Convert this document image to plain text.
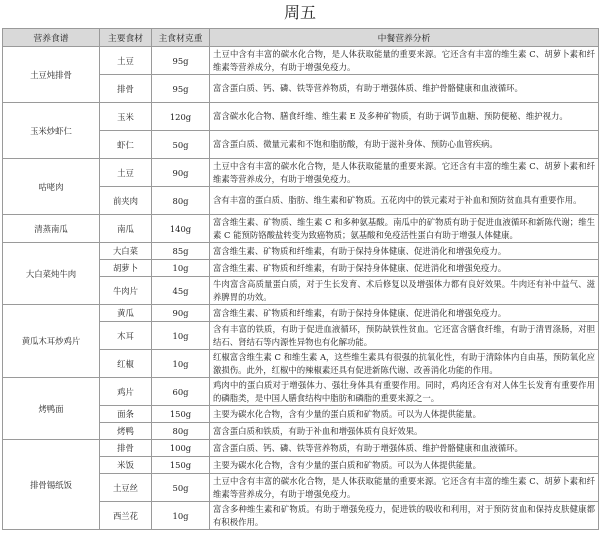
周五
营养食谱	主要食材	主食材克重	中餐营养分析
土豆炖排骨	土豆	95g	土豆中含有丰富的碳水化合物，是人体获取能量的重要来源。它还含有丰富的维生素 C、胡萝卜素和纤维素等营养成分，有助于增强免疫力。
	排骨	95g	富含蛋白质、钙、磷、铁等营养物质，有助于增强体质、维护骨骼健康和血液循环。
玉米炒虾仁	玉米	120g	富含碳水化合物、膳食纤维、维生素 E 及多种矿物质，有助于调节血糖、预防便秘、维护视力。
	虾仁	50g	富含蛋白质、微量元素和不饱和脂肪酸，有助于滋补身体、预防心血管疾病。
咕咾肉	土豆	90g	土豆中含有丰富的碳水化合物，是人体获取能量的重要来源。它还含有丰富的维生素 C、胡萝卜素和纤维素等营养成分，有助于增强免疫力。
	前夹肉	80g	含有丰富的蛋白质、脂肪、维生素和矿物质。五花肉中的铁元素对于补血和预防贫血具有重要作用。
清蒸南瓜	南瓜	140g	富含维生素、矿物质、维生素 C 和多种氨基酸。南瓜中的矿物质有助于促进血液循环和新陈代谢；维生素 C 能预防铬酸盐转变为致癌物质；氨基酸和免疫活性蛋白有助于增强人体健康。
大白菜炖牛肉	大白菜	85g	富含维生素、矿物质和纤维素，有助于保持身体健康、促进消化和增强免疫力。
	胡萝卜	10g	富含维生素、矿物质和纤维素，有助于保持身体健康、促进消化和增强免疫力。
	牛肉片	45g	牛肉富含高质量蛋白质，对于生长发育、术后修复以及增强体力都有良好效果。牛肉还有补中益气、滋养脾胃的功效。
黄瓜木耳炒鸡片	黄瓜	90g	富含维生素、矿物质和纤维素，有助于保持身体健康、促进消化和增强免疫力。
	木耳	10g	含有丰富的铁质，有助于促进血液循环，预防缺铁性贫血。它还富含膳食纤维，有助于清胃涤肠，对胆结石、肾结石等内源性异物也有化解功能。
	红椒	10g	红椒富含维生素 C 和维生素 A，这些维生素具有很强的抗氧化性，有助于清除体内自由基，预防氧化应激损伤。此外，红椒中的辣椒素还具有促进新陈代谢、改善消化功能的作用。
烤鸭面	鸡片	60g	鸡肉中的蛋白质对于增强体力、强壮身体具有重要作用。同时，鸡肉还含有对人体生长发育有重要作用的磷脂类，是中国人膳食结构中脂肪和磷脂的重要来源之一。
	面条	150g	主要为碳水化合物，含有少量的蛋白质和矿物质。可以为人体提供能量。
	烤鸭	80g	富含蛋白质和铁质，有助于补血和增强体质有良好效果。
排骨锡纸饭	排骨	100g	富含蛋白质、钙、磷、铁等营养物质，有助于增强体质、维护骨骼健康和血液循环。
	米饭	150g	主要为碳水化合物，含有少量的蛋白质和矿物质。可以为人体提供能量。
	土豆丝	50g	土豆中含有丰富的碳水化合物，是人体获取能量的重要来源。它还含有丰富的维生素 C、胡萝卜素和纤维素等营养成分，有助于增强免疫力。
	西兰花	10g	富含多种维生素和矿物质。有助于增强免疫力，促进铁的吸收和利用，对于预防贫血和保持皮肤健康都有积极作用。
